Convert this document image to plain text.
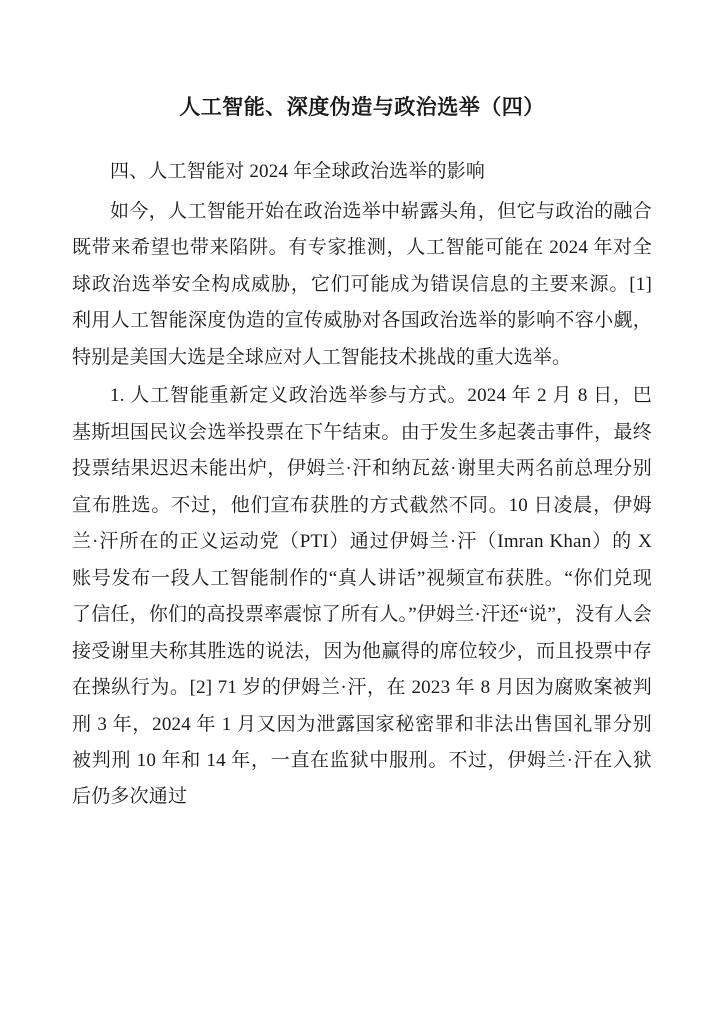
人工智能、深度伪造与政治选举（四）

四、人工智能对 2024 年全球政治选举的影响

如今，人工智能开始在政治选举中崭露头角，但它与政治的融合既带来希望也带来陷阱。有专家推测，人工智能可能在 2024 年对全球政治选举安全构成威胁，它们可能成为错误信息的主要来源。[1] 利用人工智能深度伪造的宣传威胁对各国政治选举的影响不容小觑，特别是美国大选是全球应对人工智能技术挑战的重大选举。

1. 人工智能重新定义政治选举参与方式。2024 年 2 月 8 日，巴基斯坦国民议会选举投票在下午结束。由于发生多起袭击事件，最终投票结果迟迟未能出炉，伊姆兰·汗和纳瓦兹·谢里夫两名前总理分别宣布胜选。不过，他们宣布获胜的方式截然不同。10 日凌晨，伊姆兰·汗所在的正义运动党（PTI）通过伊姆兰·汗（Imran Khan）的 X 账号发布一段人工智能制作的“真人讲话”视频宣布获胜。“你们兑现了信任，你们的高投票率震惊了所有人。”伊姆兰·汗还“说”，没有人会接受谢里夫称其胜选的说法，因为他赢得的席位较少，而且投票中存在操纵行为。[2] 71 岁的伊姆兰·汗，在 2023 年 8 月因为腐败案被判刑 3 年，2024 年 1 月又因为泄露国家秘密罪和非法出售国礼罪分别被判刑 10 年和 14 年，一直在监狱中服刑。不过，伊姆兰·汗在入狱后仍多次通过
